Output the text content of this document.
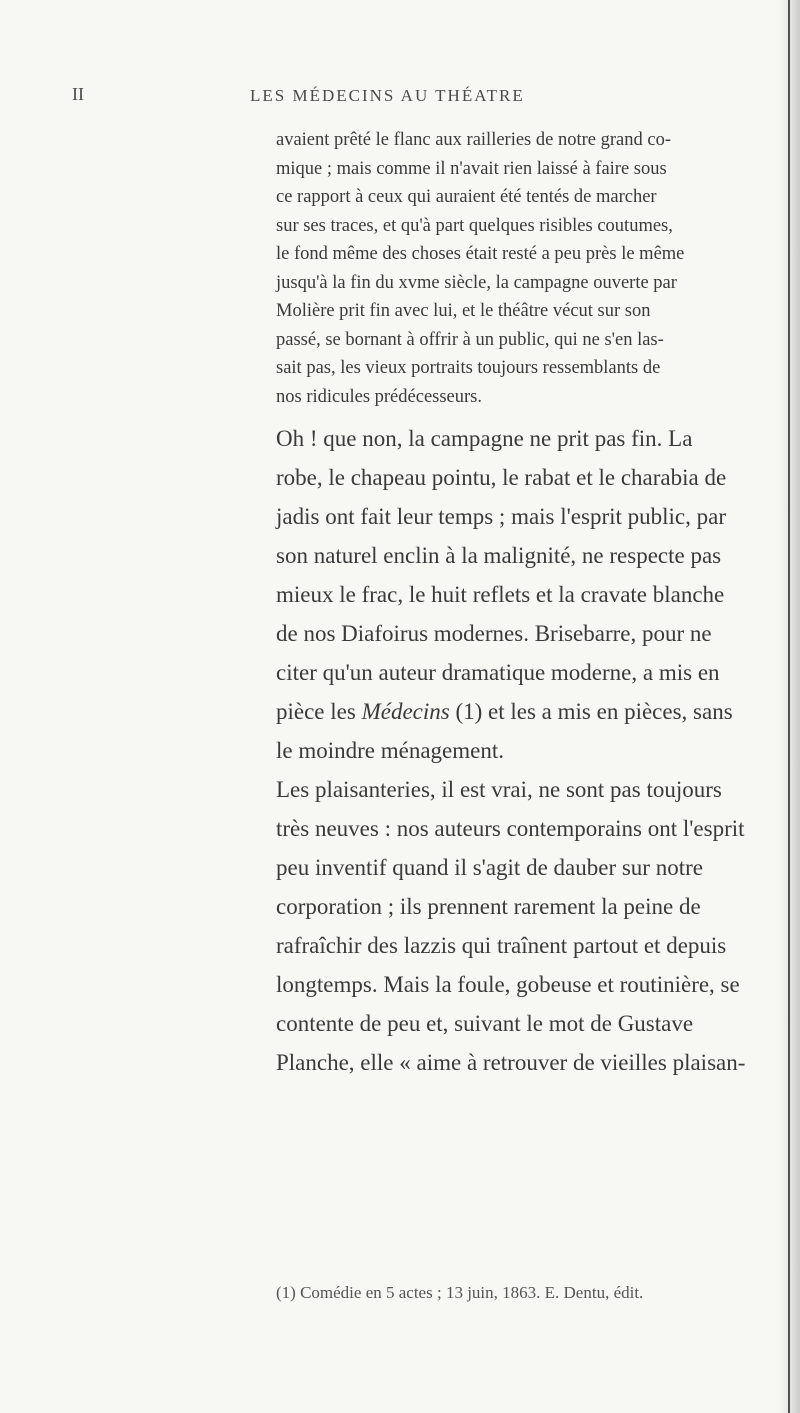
II	LES MÉDECINS AU THÉATRE
avaient prêté le flanc aux railleries de notre grand co-
mique ; mais comme il n'avait rien laissé à faire sous
ce rapport à ceux qui auraient été tentés de marcher
sur ses traces, et qu'à part quelques risibles coutumes,
le fond même des choses était resté a peu près le même
jusqu'à la fin du xvme siècle, la campagne ouverte par
Molière prit fin avec lui, et le théâtre vécut sur son
passé, se bornant à offrir à un public, qui ne s'en las-
sait pas, les vieux portraits toujours ressemblants de
nos ridicules prédécesseurs.
Oh ! que non, la campagne ne prit pas fin. La
robe, le chapeau pointu, le rabat et le charabia de
jadis ont fait leur temps ; mais l'esprit public, par
son naturel enclin à la malignité, ne respecte pas
mieux le frac, le huit reflets et la cravate blanche
de nos Diafoirus modernes. Brisebarre, pour ne
citer qu'un auteur dramatique moderne, a mis en
pièce les Médecins (1) et les a mis en pièces, sans
le moindre ménagement.
Les plaisanteries, il est vrai, ne sont pas toujours
très neuves : nos auteurs contemporains ont l'esprit
peu inventif quand il s'agit de dauber sur notre
corporation ; ils prennent rarement la peine de
rafraîchir des lazzis qui traînent partout et depuis
longtemps. Mais la foule, gobeuse et routinière, se
contente de peu et, suivant le mot de Gustave
Planche, elle « aime à retrouver de vieilles plaisan-
(1) Comédie en 5 actes ; 13 juin, 1863. E. Dentu, édit.
